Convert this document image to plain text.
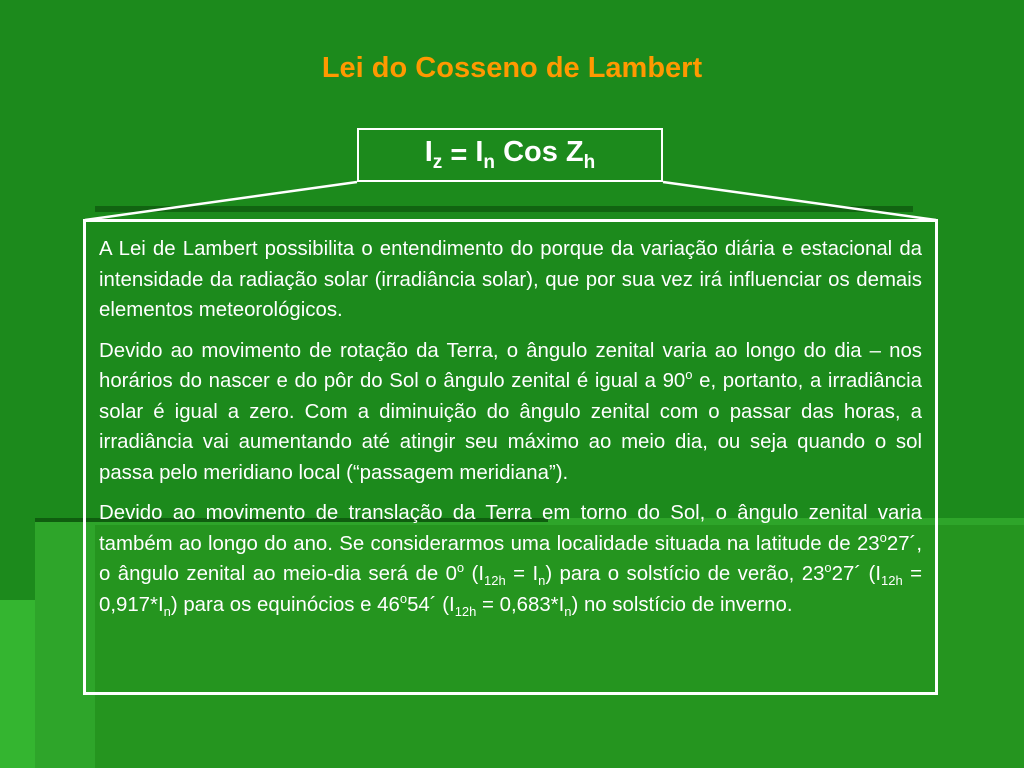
Lei do Cosseno de Lambert
$I_z$
=
$I_n$
Cos $Z_h$

A Lei de Lambert possibilita o entendimento do porque da variação diária e estacional da intensidade da radiação solar (irradiância solar), que por sua vez irá influenciar os demais elementos meteorológicos.

Devido ao movimento de rotação da Terra, o ângulo zenital varia ao longo do dia – nos horários do nascer e do pôr do Sol o ângulo zenital é igual a 90$^o$ e, portanto, a irradiância solar é igual a zero. Com a diminuição do ângulo zenital com o passar das horas, a irradiância vai aumentando até atingir seu máximo ao meio dia, ou seja quando o sol passa pelo meridiano local (“passagem meridiana”).

Devido ao movimento de translação da Terra em torno do Sol, o ângulo zenital varia também ao longo do ano. Se considerarmos uma localidade situada na latitude de 23$^o$27´, o ângulo zenital ao meio-dia será de 0$^o$ $(I_{12h} = I_n)$ para o solstício de verão, 23$^o$27´ $(I_{12h} = 0,917*I_n)$ para os equinócios e 46$^o$54´ $(I_{12h} = 0,683*I_n)$ no solstício de inverno.
